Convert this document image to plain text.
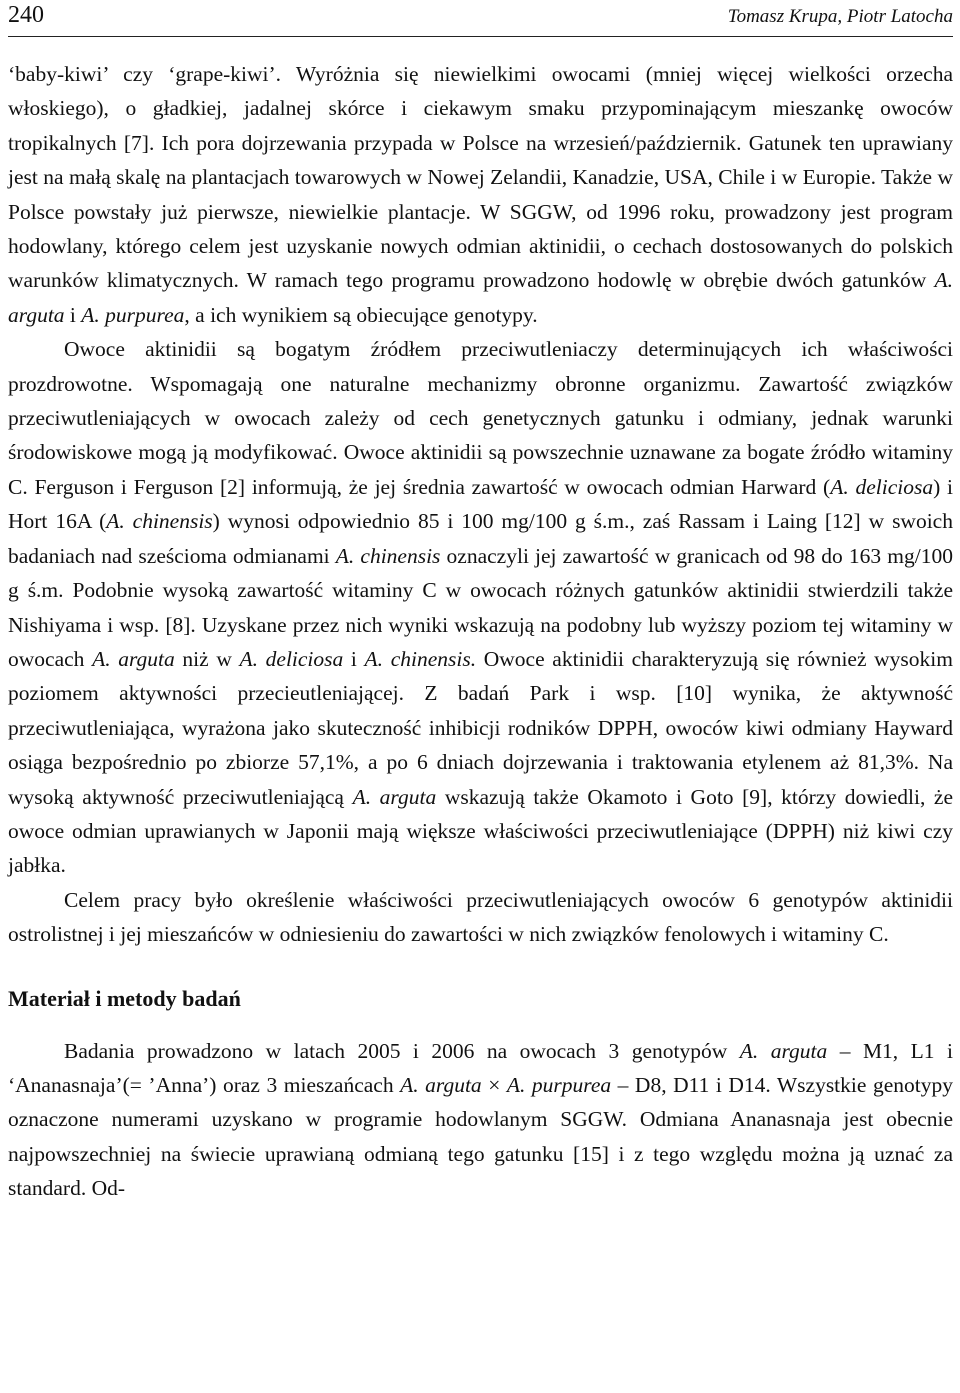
240	Tomasz Krupa, Piotr Latocha

‘baby-kiwi’ czy ‘grape-kiwi’. Wyróżnia się niewielkimi owocami (mniej więcej wielkości orzecha włoskiego), o gładkiej, jadalnej skórce i ciekawym smaku przypominającym mieszankę owoców tropikalnych [7]. Ich pora dojrzewania przypada w Polsce na wrzesień/październik. Gatunek ten uprawiany jest na małą skalę na plantacjach towarowych w Nowej Zelandii, Kanadzie, USA, Chile i w Europie. Także w Polsce powstały już pierwsze, niewielkie plantacje. W SGGW, od 1996 roku, prowadzony jest program hodowlany, którego celem jest uzyskanie nowych odmian aktinidii, o cechach dostosowanych do polskich warunków klimatycznych. W ramach tego programu prowadzono hodowlę w obrębie dwóch gatunków A. arguta i A. purpurea, a ich wynikiem są obiecujące genotypy.

Owoce aktinidii są bogatym źródłem przeciwutleniaczy determinujących ich właściwości prozdrowotne. Wspomagają one naturalne mechanizmy obronne organizmu. Zawartość związków przeciwutleniających w owocach zależy od cech genetycznych gatunku i odmiany, jednak warunki środowiskowe mogą ją modyfikować. Owoce aktinidii są powszechnie uznawane za bogate źródło witaminy C. Ferguson i Ferguson [2] informują, że jej średnia zawartość w owocach odmian Harward (A. deliciosa) i Hort 16A (A. chinensis) wynosi odpowiednio 85 i 100 mg/100 g ś.m., zaś Rassam i Laing [12] w swoich badaniach nad sześcioma odmianami A. chinensis oznaczyli jej zawartość w granicach od 98 do 163 mg/100 g ś.m. Podobnie wysoką zawartość witaminy C w owocach różnych gatunków aktinidii stwierdzili także Nishiyama i wsp. [8]. Uzyskane przez nich wyniki wskazują na podobny lub wyższy poziom tej witaminy w owocach A. arguta niż w A. deliciosa i A. chinensis. Owoce aktinidii charakteryzują się również wysokim poziomem aktywności przecieutleniającej. Z badań Park i wsp. [10] wynika, że aktywność przeciwutleniająca, wyrażona jako skuteczność inhibicji rodników DPPH, owoców kiwi odmiany Hayward osiąga bezpośrednio po zbiorze 57,1%, a po 6 dniach dojrzewania i traktowania etylenem aż 81,3%. Na wysoką aktywność przeciwutleniającą A. arguta wskazują także Okamoto i Goto [9], którzy dowiedli, że owoce odmian uprawianych w Japonii mają większe właściwości przeciwutleniające (DPPH) niż kiwi czy jabłka.

Celem pracy było określenie właściwości przeciwutleniających owoców 6 genotypów aktinidii ostrolistnej i jej mieszańców w odniesieniu do zawartości w nich związków fenolowych i witaminy C.

Materiał i metody badań

Badania prowadzono w latach 2005 i 2006 na owocach 3 genotypów A. arguta – M1, L1 i ‘Ananasnaja’(= ’Anna’) oraz 3 mieszańcach A. arguta × A. purpurea – D8, D11 i D14. Wszystkie genotypy oznaczone numerami uzyskano w programie hodowlanym SGGW. Odmiana Ananasnaja jest obecnie najpowszechniej na świecie uprawianą odmianą tego gatunku [15] i z tego względu można ją uznać za standard. Od-
